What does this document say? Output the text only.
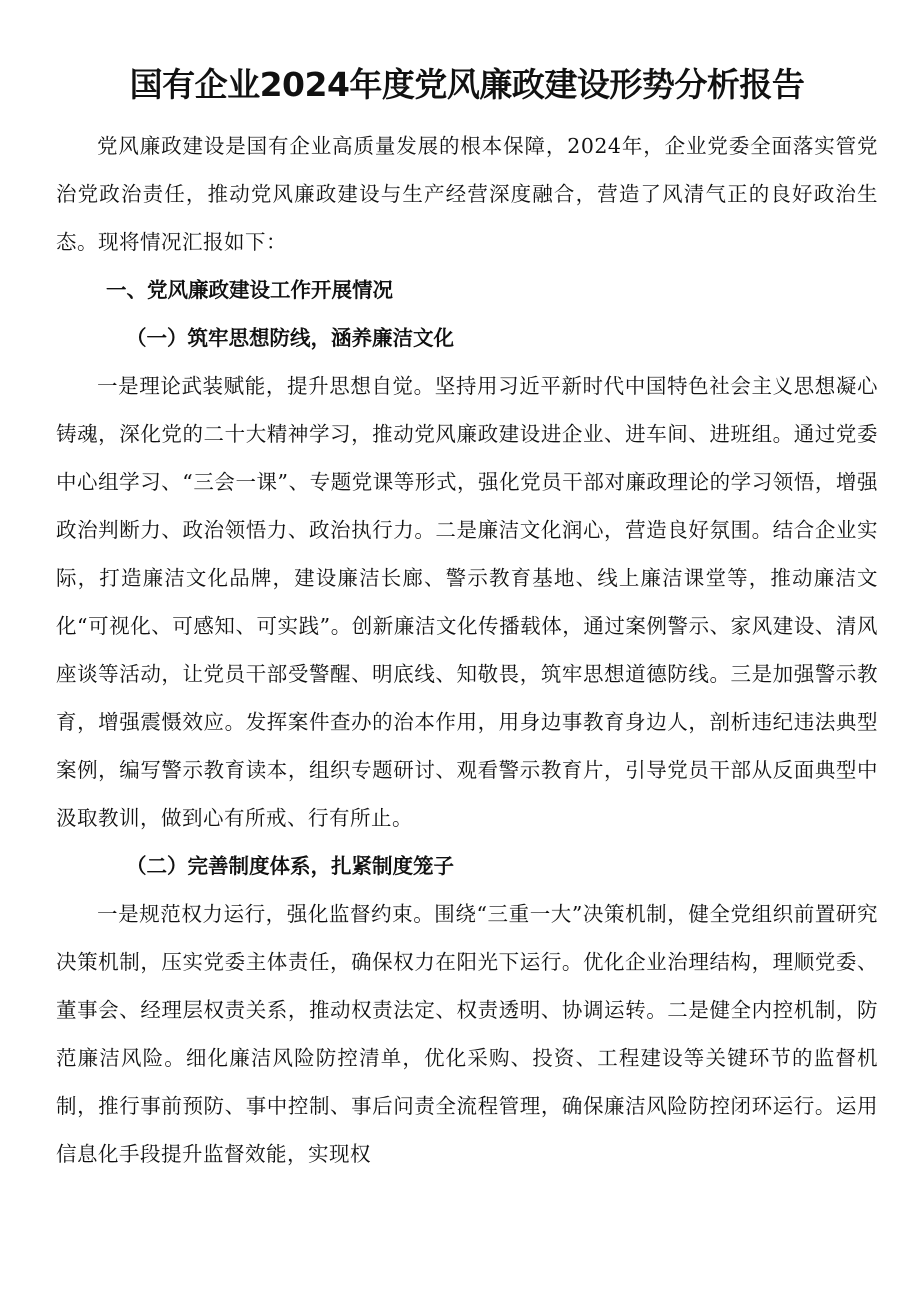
国有企业2024年度党风廉政建设形势分析报告

党风廉政建设是国有企业高质量发展的根本保障，2024年，企业党委全面落实管党治党政治责任，推动党风廉政建设与生产经营深度融合，营造了风清气正的良好政治生态。现将情况汇报如下：

一、党风廉政建设工作开展情况

（一）筑牢思想防线，涵养廉洁文化

一是理论武装赋能，提升思想自觉。坚持用习近平新时代中国特色社会主义思想凝心铸魂，深化党的二十大精神学习，推动党风廉政建设进企业、进车间、进班组。通过党委中心组学习、“三会一课”、专题党课等形式，强化党员干部对廉政理论的学习领悟，增强政治判断力、政治领悟力、政治执行力。二是廉洁文化润心，营造良好氛围。结合企业实际，打造廉洁文化品牌，建设廉洁长廊、警示教育基地、线上廉洁课堂等，推动廉洁文化“可视化、可感知、可实践”。创新廉洁文化传播载体，通过案例警示、家风建设、清风座谈等活动，让党员干部受警醒、明底线、知敬畏，筑牢思想道德防线。三是加强警示教育，增强震慑效应。发挥案件查办的治本作用，用身边事教育身边人，剖析违纪违法典型案例，编写警示教育读本，组织专题研讨、观看警示教育片，引导党员干部从反面典型中汲取教训，做到心有所戒、行有所止。

（二）完善制度体系，扎紧制度笼子

一是规范权力运行，强化监督约束。围绕“三重一大”决策机制，健全党组织前置研究决策机制，压实党委主体责任，确保权力在阳光下运行。优化企业治理结构，理顺党委、董事会、经理层权责关系，推动权责法定、权责透明、协调运转。二是健全内控机制，防范廉洁风险。细化廉洁风险防控清单，优化采购、投资、工程建设等关键环节的监督机制，推行事前预防、事中控制、事后问责全流程管理，确保廉洁风险防控闭环运行。运用信息化手段提升监督效能，实现权
